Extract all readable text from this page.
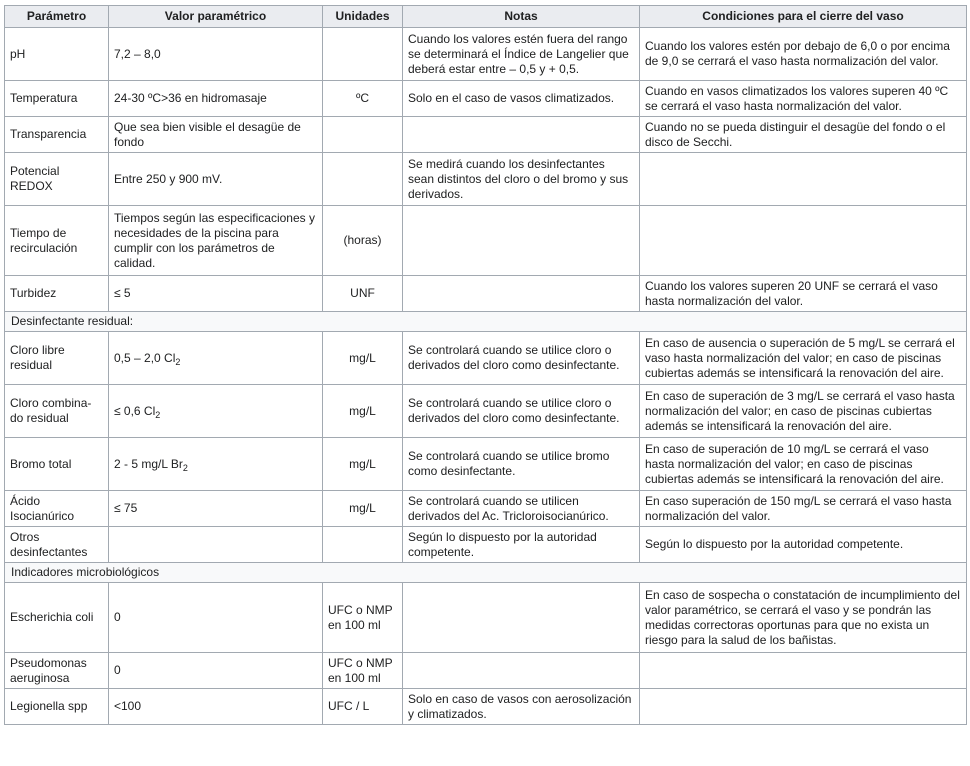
Parámetro	Valor paramétrico	Unidades	Notas	Condiciones para el cierre del vaso
pH	7,2 – 8,0		Cuando los valores estén fuera del rango se determinará el Índice de Langelier que deberá estar entre – 0,5 y + 0,5.	Cuando los valores estén por debajo de 6,0 o por encima de 9,0 se cerrará el vaso hasta normalización del valor.
Temperatura	24-30 ºC>36 en hidromasaje	ºC	Solo en el caso de vasos climatizados.	Cuando en vasos climatizados los valores superen 40 ºC se cerrará el vaso hasta normalización del valor.
Transparencia	Que sea bien visible el desagüe de fondo			Cuando no se pueda distinguir el desagüe del fondo o el disco de Secchi.
Potencial REDOX	Entre 250 y 900 mV.		Se medirá cuando los desinfectantes sean distintos del cloro o del bromo y sus derivados.	
Tiempo de recirculación	Tiempos según las especificaciones y necesidades de la piscina para cumplir con los parámetros de calidad.	(horas)		
Turbidez	≤ 5	UNF		Cuando los valores superen 20 UNF se cerrará el vaso hasta normalización del valor.
Desinfectante residual:				
Cloro libre residual	0,5 – 2,0 $Cl_2$	mg/L	Se controlará cuando se utilice cloro o derivados del cloro como desinfectante.	En caso de ausencia o superación de 5 mg/L se cerrará el vaso hasta normalización del valor; en caso de piscinas cubiertas además se intensificará la renovación del aire.
Cloro combina-do residual	≤ 0,6 $Cl_2$	mg/L	Se controlará cuando se utilice cloro o derivados del cloro como desinfectante.	En caso de superación de 3 mg/L se cerrará el vaso hasta normalización del valor; en caso de piscinas cubiertas además se intensificará la renovación del aire.
Bromo total	2 - 5 mg/L $Br_2$	mg/L	Se controlará cuando se utilice bromo como desinfectante.	En caso de superación de 10 mg/L se cerrará el vaso hasta normalización del valor; en caso de piscinas cubiertas además se intensificará la renovación del aire.
Ácido Isocianúrico	≤ 75	mg/L	Se controlará cuando se utilicen derivados del Ac. Tricloroisocianúrico.	En caso superación de 150 mg/L se cerrará el vaso hasta normalización del valor.
Otros desinfectantes			Según lo dispuesto por la autoridad competente.	Según lo dispuesto por la autoridad competente.
Indicadores microbiológicos				
Escherichia coli	0	UFC o NMP en 100 ml		En caso de sospecha o constatación de incumplimiento del valor paramétrico, se cerrará el vaso y se pondrán las medidas correctoras oportunas para que no exista un riesgo para la salud de los bañistas.
Pseudomonas aeruginosa	0	UFC o NMP en 100 ml		
Legionella spp	<100	UFC / L	Solo en caso de vasos con aerosolización y climatizados.	
